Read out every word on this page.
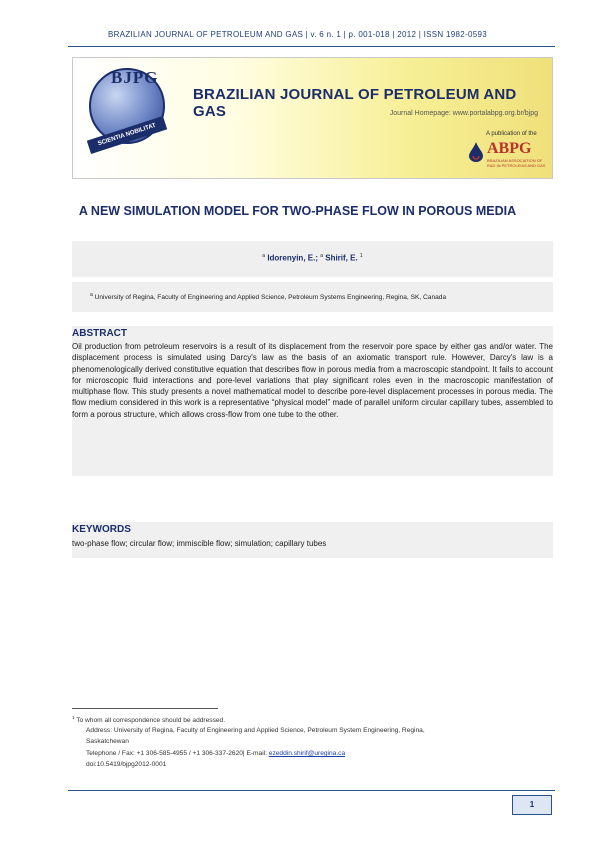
BRAZILIAN JOURNAL OF PETROLEUM AND GAS | v. 6 n. 1 | p. 001-018 | 2012 | ISSN 1982-0593
BJPG
SCIENTIA NOBILITAT
BRAZILIAN JOURNAL OF PETROLEUM AND GAS	Journal Homepage: www.portalabpg.org.br/bjpg
A publication of the
ABPG
BRAZILIAN ASSOCIATION OF R&D IN PETROLEUM AND GAS
A NEW SIMULATION MODEL FOR TWO-PHASE FLOW IN POROUS MEDIA
$^a$ Idorenyin, E.; $^a$ Shirif, E. $^1$
$^a$ University of Regina, Faculty of Engineering and Applied Science, Petroleum Systems Engineering, Regina, SK, Canada
ABSTRACT
Oil production from petroleum reservoirs is a result of its displacement from the reservoir pore space by either gas and/or water. The displacement process is simulated using Darcy's law as the basis of an axiomatic transport rule. However, Darcy's law is a phenomenologically derived constitutive equation that describes flow in porous media from a macroscopic standpoint. It fails to account for microscopic fluid interactions and pore-level variations that play significant roles even in the macroscopic manifestation of multiphase flow. This study presents a novel mathematical model to describe pore-level displacement processes in porous media. The flow medium considered in this work is a representative “physical model” made of parallel uniform circular capillary tubes, assembled to form a porous structure, which allows cross-flow from one tube to the other.
KEYWORDS
two-phase flow; circular flow; immiscible flow; simulation; capillary tubes
$^1$ To whom all correspondence should be addressed.
Address: University of Regina, Faculty of Engineering and Applied Science, Petroleum System Engineering, Regina,
Saskatchewan
Telephone / Fax: +1 306-585-4955 / +1 306-337-2620| E-mail: ezeddin.shirif@uregina.ca
doi:10.5419/bjpg2012-0001
1
